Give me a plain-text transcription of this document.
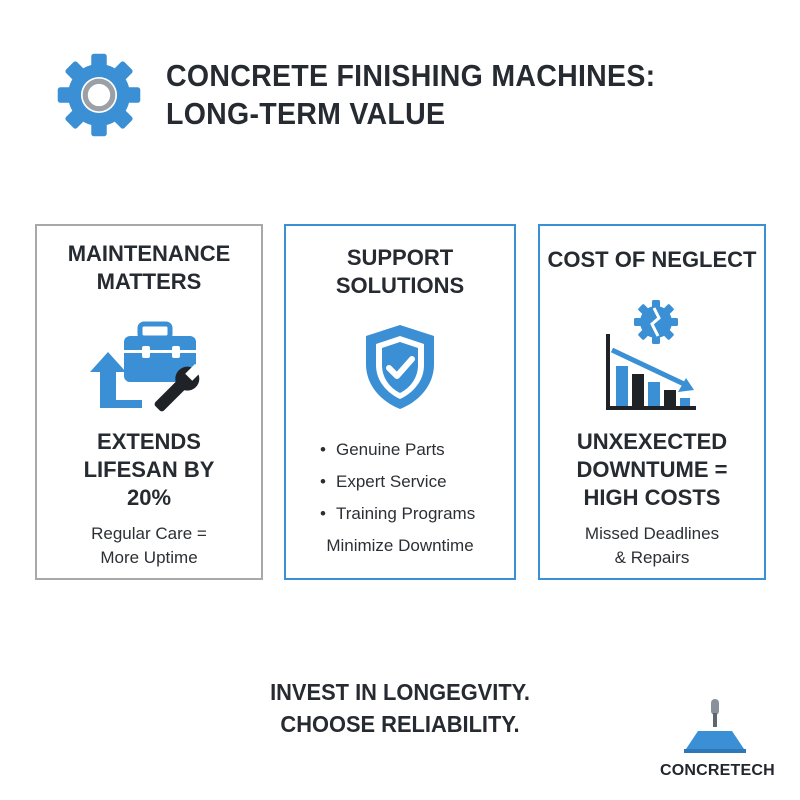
CONCRETE FINISHING MACHINES:
LONG-TERM VALUE
MAINTENANCE
MATTERS
EXTENDS
LIFESAN BY
20%
Regular Care =
More Uptime
SUPPORT
SOLUTIONS
• Genuine Parts
• Expert Service
• Training Programs
Minimize Downtime
COST OF NEGLECT
UNXEXECTED
DOWNTUME =
HIGH COSTS
Missed Deadlines
& Repairs
INVEST IN LONGEGVITY.
CHOOSE RELIABILITY.
CONCRETECH
